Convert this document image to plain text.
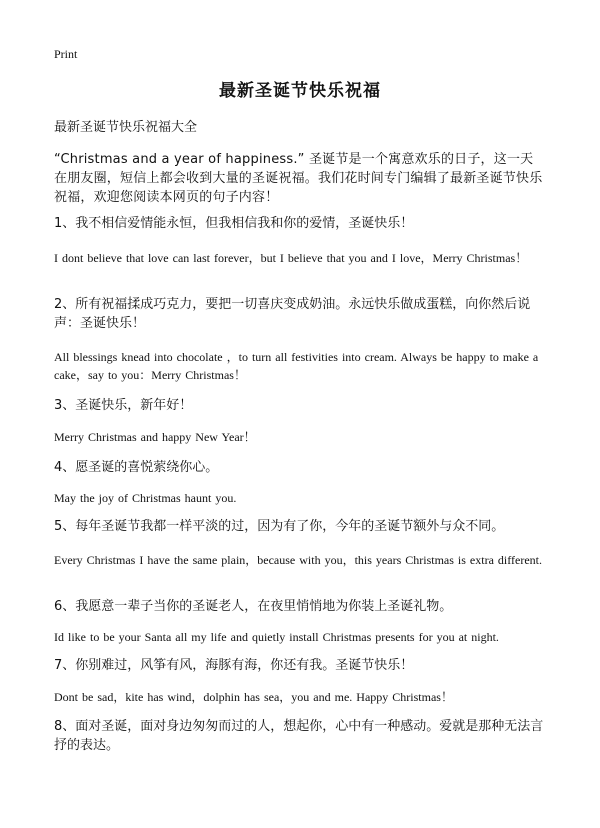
Print
最新圣诞节快乐祝福
最新圣诞节快乐祝福大全
“Christmas and a year of happiness.” 圣诞节是一个寓意欢乐的日子，这一天在朋友圈，短信上都会收到大量的圣诞祝福。我们花时间专门编辑了最新圣诞节快乐祝福，欢迎您阅读本网页的句子内容！
1、我不相信爱情能永恒，但我相信我和你的爱情，圣诞快乐！
I dont believe that love can last forever，but I believe that you and I love，Merry Christmas！
2、所有祝福揉成巧克力，要把一切喜庆变成奶油。永远快乐做成蛋糕，向你然后说声：圣诞快乐！
All blessings knead into chocolate ，to turn all festivities into cream. Always be happy to make a cake，say to you：Merry Christmas！
3、圣诞快乐，新年好！
Merry Christmas and happy New Year！
4、愿圣诞的喜悦萦绕你心。
May the joy of Christmas haunt you.
5、每年圣诞节我都一样平淡的过，因为有了你，今年的圣诞节额外与众不同。
Every Christmas I have the same plain，because with you，this years Christmas is extra different.
6、我愿意一辈子当你的圣诞老人，在夜里悄悄地为你装上圣诞礼物。
Id like to be your Santa all my life and quietly install Christmas presents for you at night.
7、你别难过，风筝有风，海豚有海，你还有我。圣诞节快乐！
Dont be sad，kite has wind，dolphin has sea，you and me. Happy Christmas！
8、面对圣诞，面对身边匆匆而过的人，想起你，心中有一种感动。爱就是那种无法言抒的表达。
